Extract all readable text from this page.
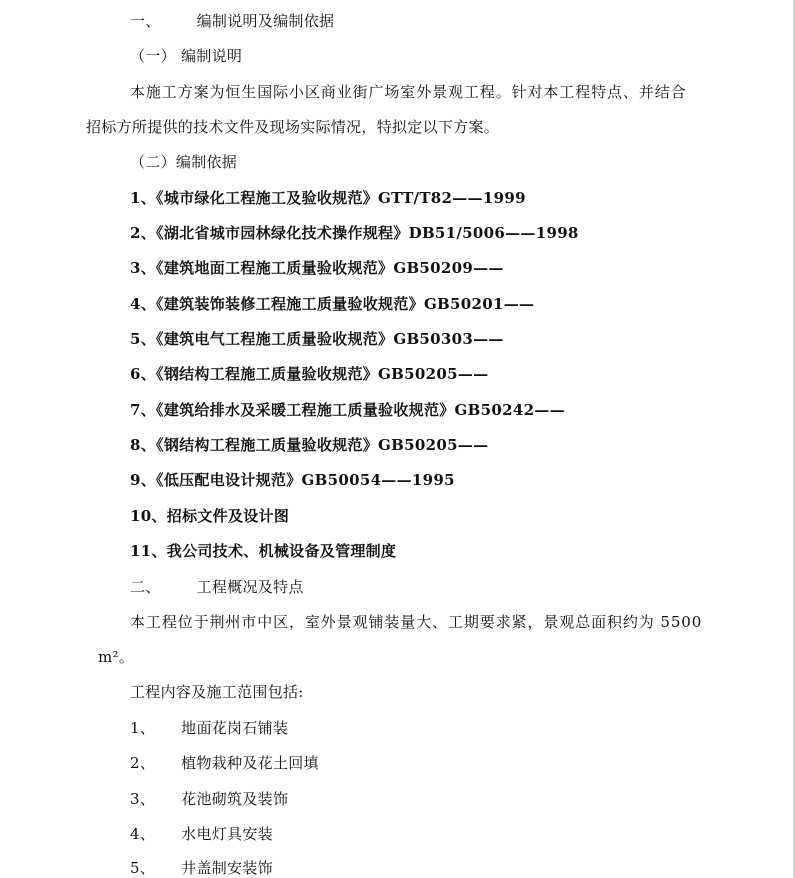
一、 编制说明及编制依据
（一） 编制说明
本施工方案为恒生国际小区商业街广场室外景观工程。针对本工程特点、并结合
招标方所提供的技术文件及现场实际情况，特拟定以下方案。
（二）编制依据
1、《城市绿化工程施工及验收规范》GTT/T82——1999
2、《湖北省城市园林绿化技术操作规程》DB51/5006——1998
3、《建筑地面工程施工质量验收规范》GB50209——
4、《建筑装饰装修工程施工质量验收规范》GB50201——
5、《建筑电气工程施工质量验收规范》GB50303——
6、《钢结构工程施工质量验收规范》GB50205——
7、《建筑给排水及采暖工程施工质量验收规范》GB50242——
8、《钢结构工程施工质量验收规范》GB50205——
9、《低压配电设计规范》GB50054——1995
10、招标文件及设计图
11、我公司技术、机械设备及管理制度
二、 工程概况及特点
本工程位于荆州市中区，室外景观铺装量大、工期要求紧，景观总面积约为 5500
m²。
工程内容及施工范围包括:
1、 地面花岗石铺装
2、 植物栽种及花土回填
3、 花池砌筑及装饰
4、 水电灯具安装
5、 井盖制安装饰
